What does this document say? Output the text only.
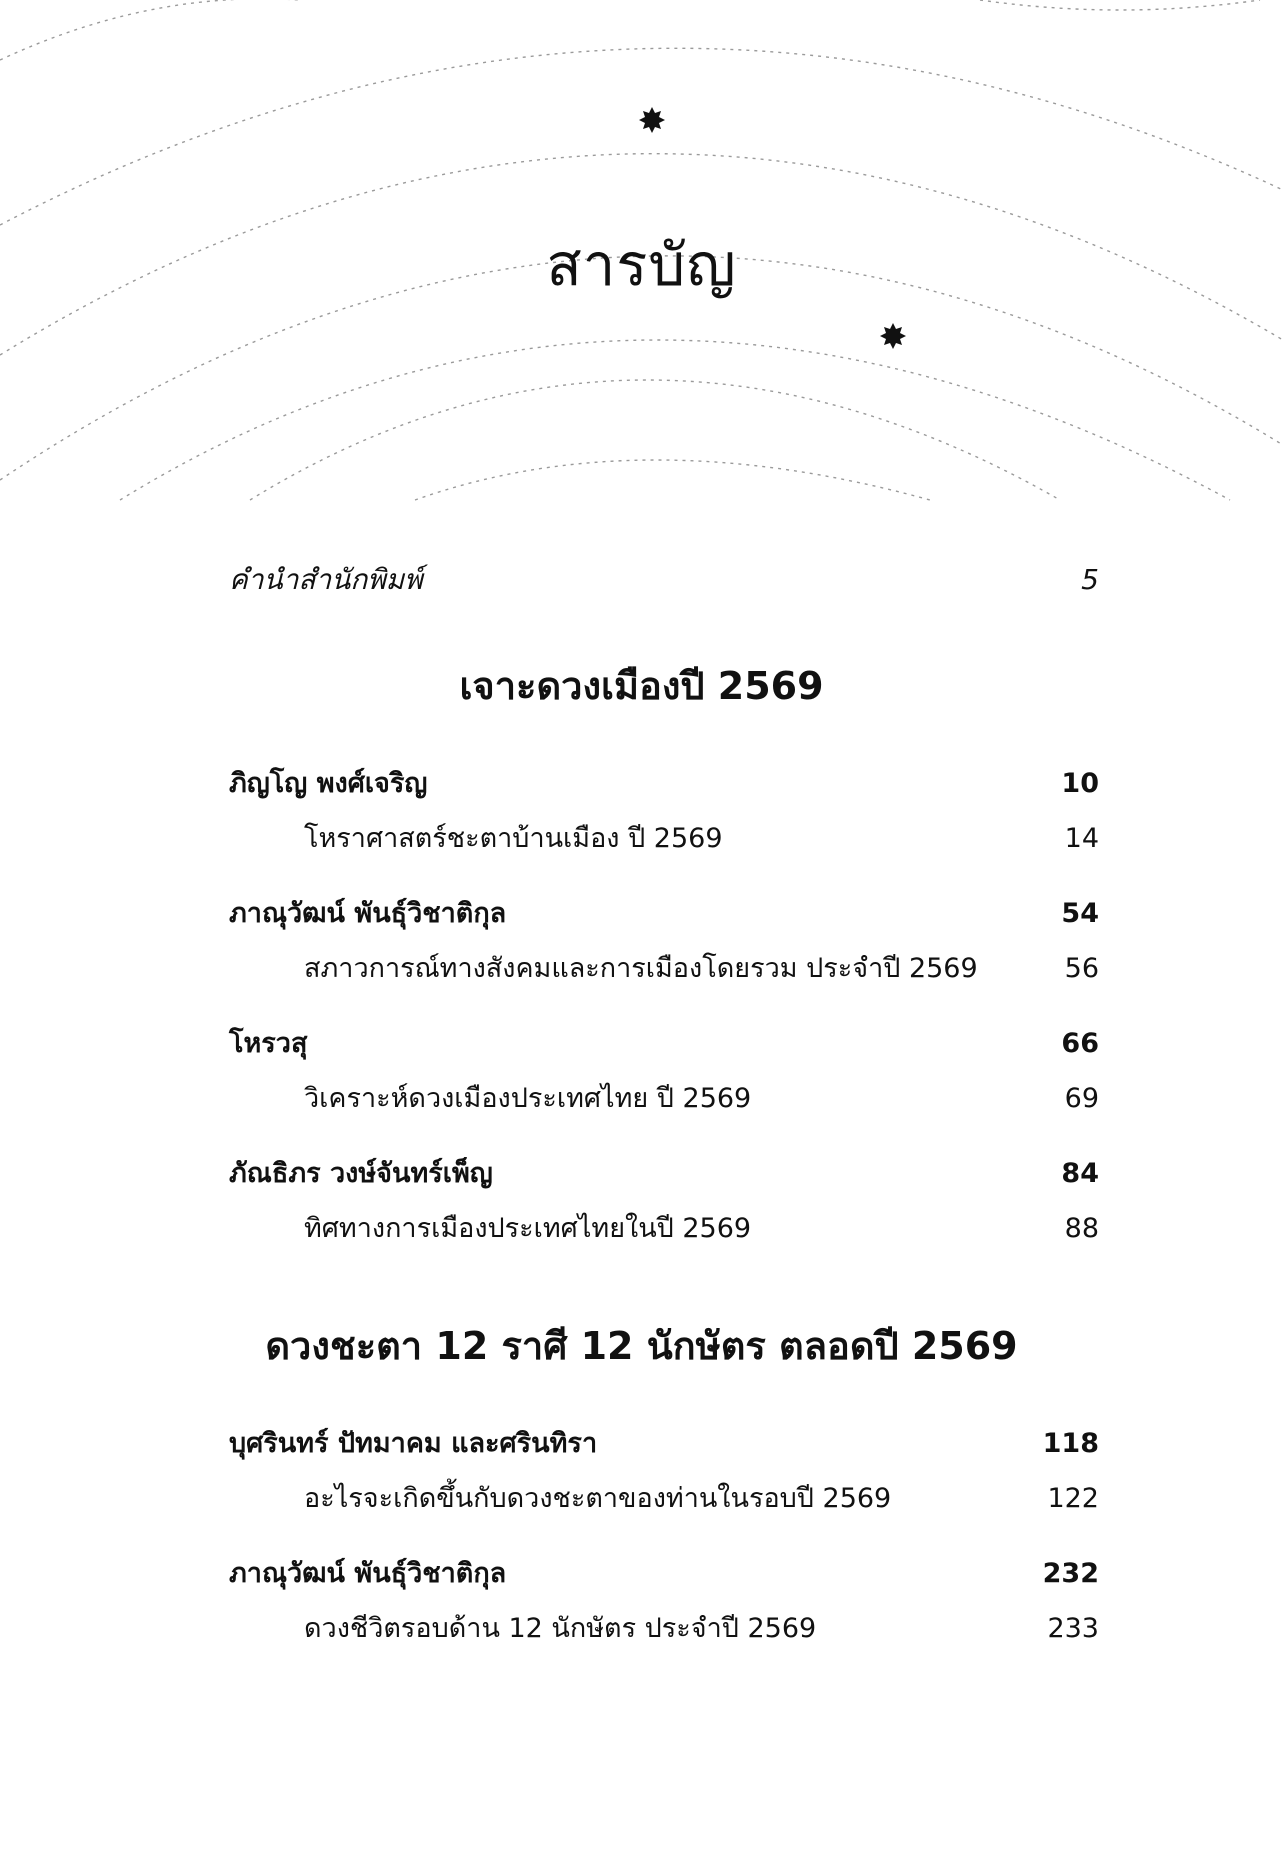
สารบัญ
คำนำสำนักพิมพ์	5
เจาะดวงเมืองปี 2569
ภิญโญ พงศ์เจริญ	10
โหราศาสตร์ชะตาบ้านเมือง ปี 2569	14
ภาณุวัฒน์ พันธุ์วิชาติกุล	54
สภาวการณ์ทางสังคมและการเมืองโดยรวม ประจำปี 2569	56
โหรวสุ	66
วิเคราะห์ดวงเมืองประเทศไทย ปี 2569	69
ภัณธิภร วงษ์จันทร์เพ็ญ	84
ทิศทางการเมืองประเทศไทยในปี 2569	88
ดวงชะตา 12 ราศี 12 นักษัตร ตลอดปี 2569
บุศรินทร์ ปัทมาคม และศรินทิรา	118
อะไรจะเกิดขึ้นกับดวงชะตาของท่านในรอบปี 2569	122
ภาณุวัฒน์ พันธุ์วิชาติกุล	232
ดวงชีวิตรอบด้าน 12 นักษัตร ประจำปี 2569	233
